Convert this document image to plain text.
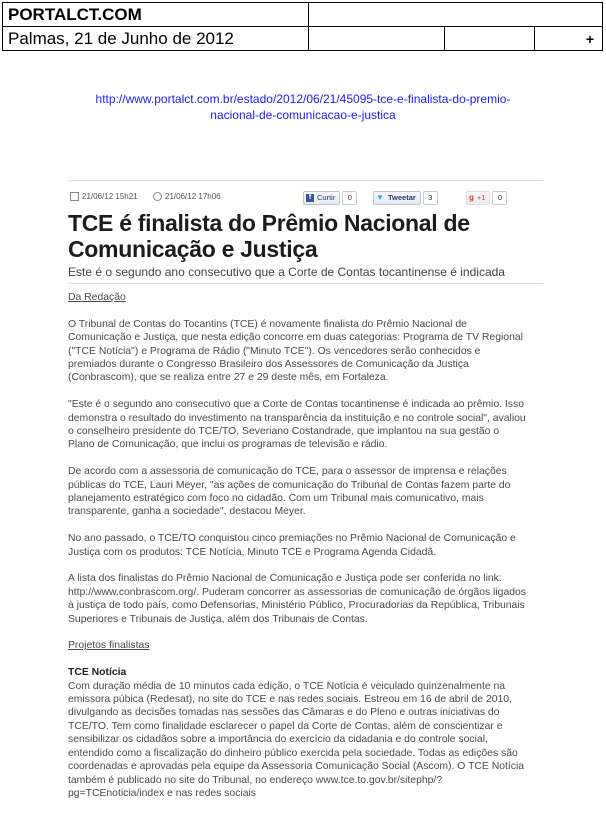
PORTALCT.COM			
Palmas, 21 de Junho de 2012			+
http://www.portalct.com.br/estado/2012/06/21/45095-tce-e-finalista-do-premio-
nacional-de-comunicacao-e-justica
21/06/12 15h21	21/06/12 17h06	f Curtir	0	▼ Tweetar	3	g +1	0
TCE é finalista do Prêmio Nacional de
Comunicação e Justiça
Este é o segundo ano consecutivo que a Corte de Contas tocantinense é indicada

Da Redação

O Tribunal de Contas do Tocantins (TCE) é novamente finalista do Prêmio Nacional de
Comunicação e Justiça, que nesta edição concorre em duas categorias: Programa de TV Regional
("TCE Notícia") e Programa de Rádio ("Minuto TCE"). Os vencedores serão conhecidos e
premiados durante o Congresso Brasileiro dos Assessores de Comunicação da Justiça
(Conbrascom), que se realiza entre 27 e 29 deste mês, em Fortaleza.

"Este é o segundo ano consecutivo que a Corte de Contas tocantinense é indicada ao prêmio. Isso
demonstra o resultado do investimento na transparência da instituição e no controle social", avaliou
o conselheiro presidente do TCE/TO, Severiano Costandrade, que implantou na sua gestão o
Plano de Comunicação, que inclui os programas de televisão e rádio.

De acordo com a assessoria de comunicação do TCE, para o assessor de imprensa e relações
públicas do TCE, Lauri Meyer, "as ações de comunicação do Tribunal de Contas fazem parte do
planejamento estratégico com foco no cidadão. Com um Tribunal mais comunicativo, mais
transparente, ganha a sociedade", destacou Meyer.

No ano passado, o TCE/TO conquistou cinco premiações no Prêmio Nacional de Comunicação e
Justiça com os produtos: TCE Notícia, Minuto TCE e Programa Agenda Cidadã.

A lista dos finalistas do Prêmio Nacional de Comunicação e Justiça pode ser conferida no link:
http://www.conbrascom.org/. Puderam concorrer as assessorias de comunicação de órgãos ligados
à justiça de todo país, como Defensorias, Ministério Público, Procuradorias da República, Tribunais
Superiores e Tribunais de Justiça, além dos Tribunais de Contas.

Projetos finalistas

TCE Notícia

Com duração média de 10 minutos cada edição, o TCE Notícia é veiculado quinzenalmente na
emissora púbica (Redesat), no site do TCE e nas redes sociais. Estreou em 16 de abril de 2010,
divulgando as decisões tomadas nas sessões das Câmaras e do Pleno e outras iniciativas do
TCE/TO. Tem como finalidade esclarecer o papel da Corte de Contas, além de conscientizar e
sensibilizar os cidadãos sobre a importância do exercício da cidadania e do controle social,
entendido como a fiscalização do dinheiro público exercida pela sociedade. Todas as edições são
coordenadas e aprovadas pela equipe da Assessoria Comunicação Social (Ascom). O TCE Notícia
também é publicado no site do Tribunal, no endereço www.tce.to.gov.br/sitephp/?
pg=TCEnoticia/index e nas redes sociais
